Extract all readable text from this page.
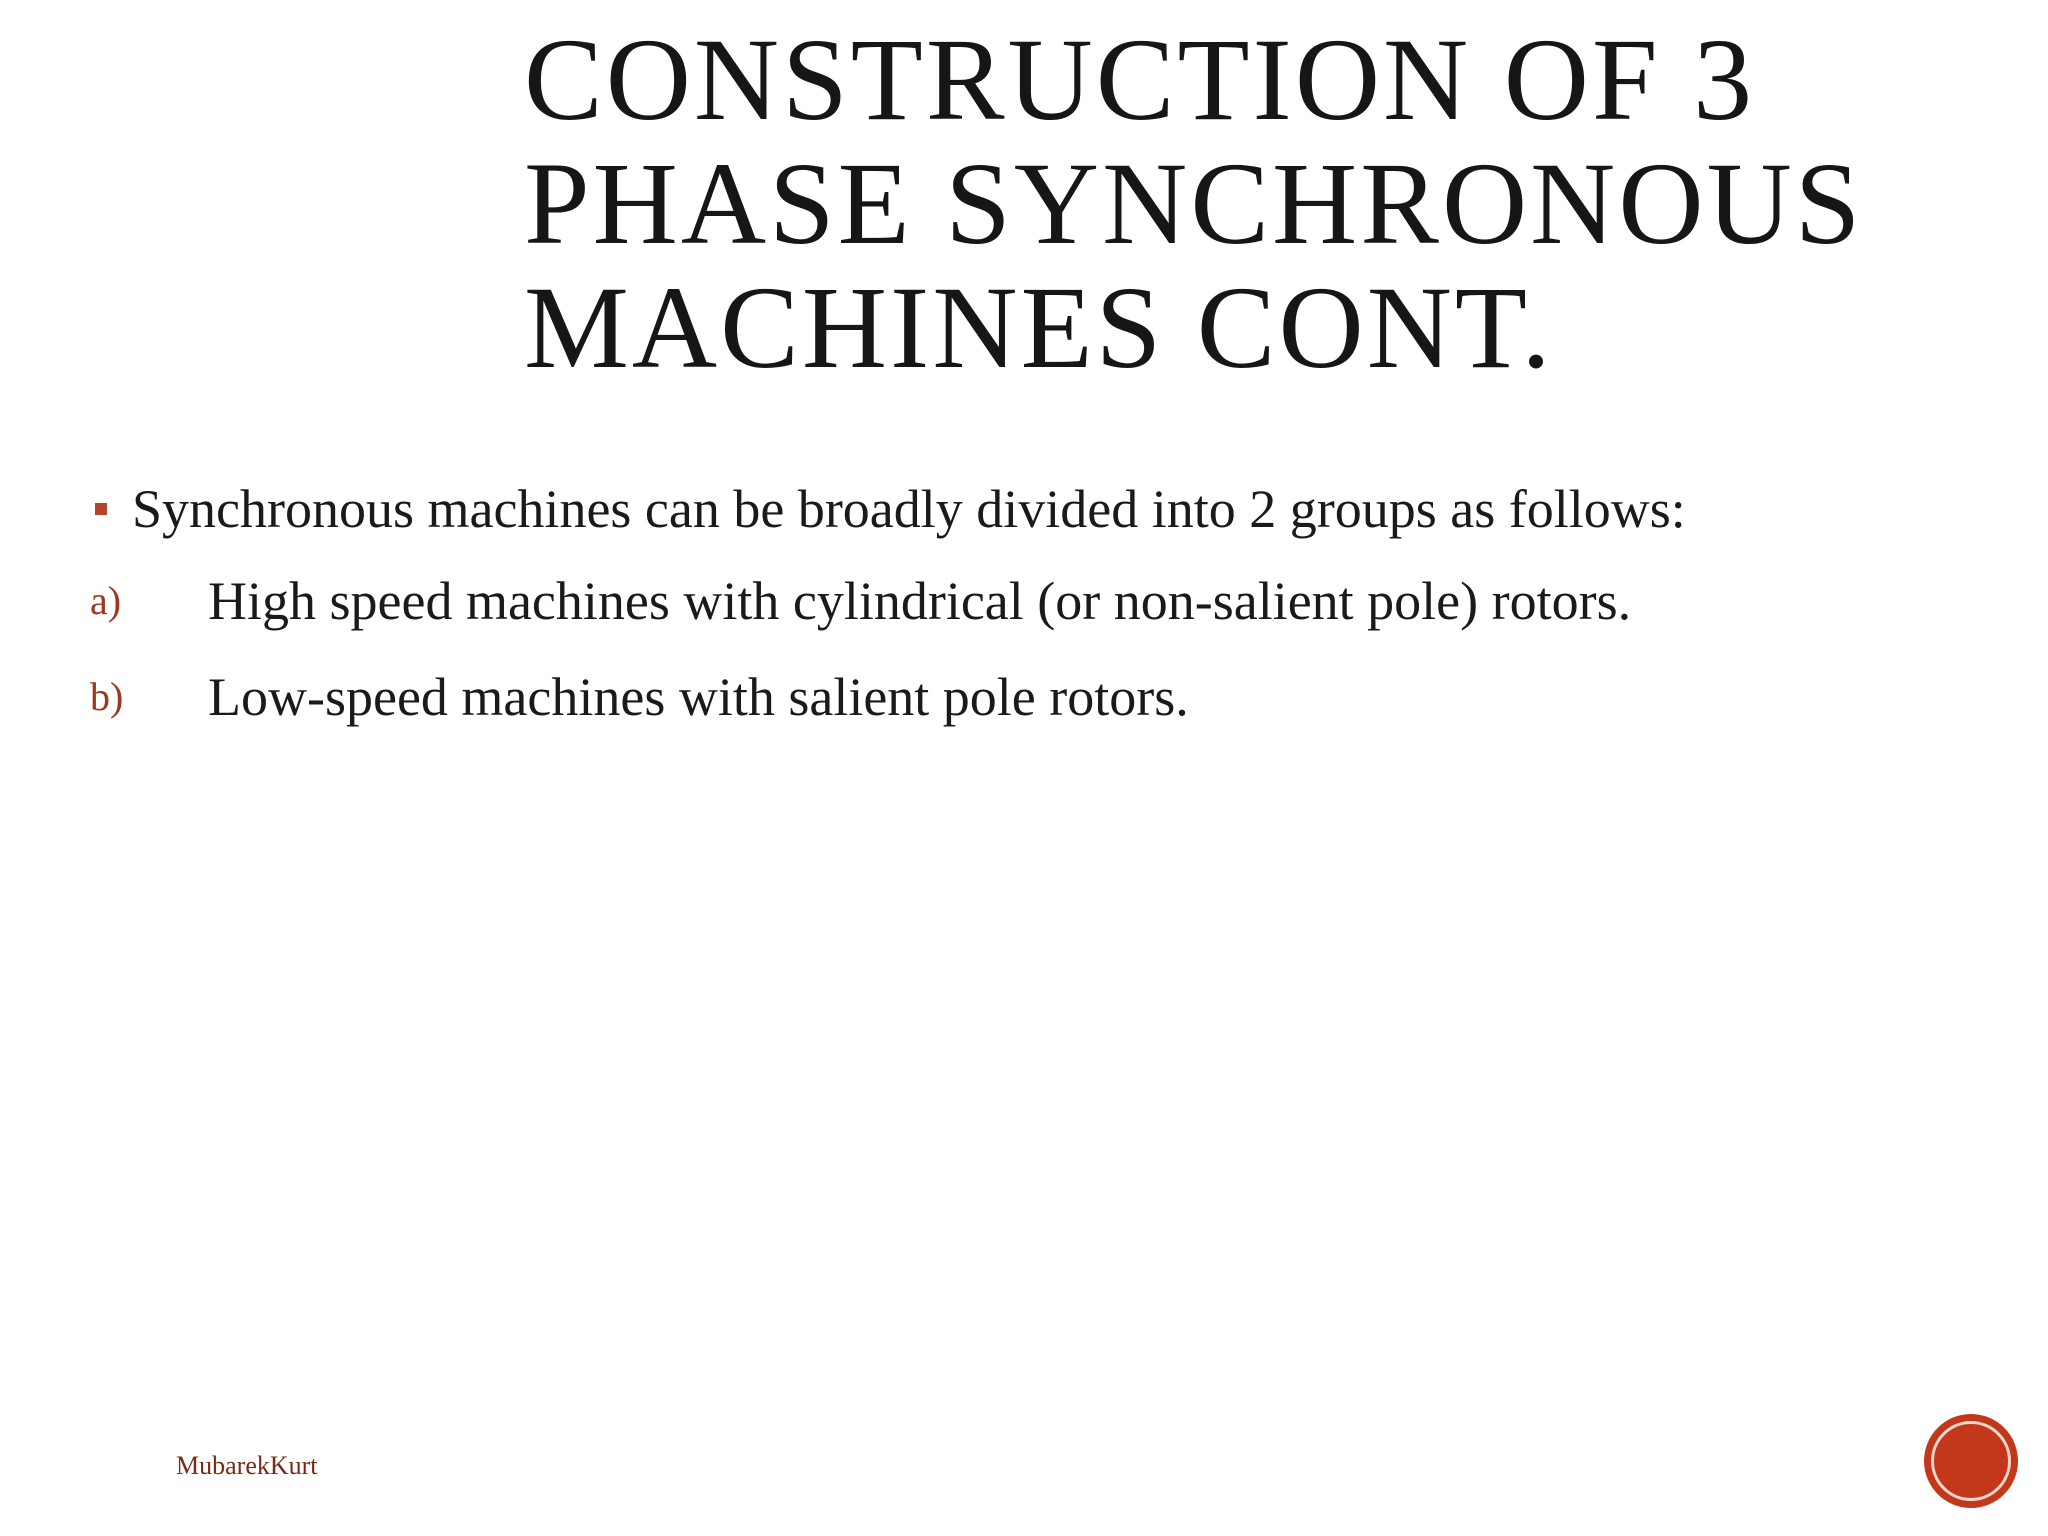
CONSTRUCTION OF 3
PHASE SYNCHRONOUS
MACHINES CONT.
Synchronous machines can be broadly divided into 2 groups as follows:
a) High speed machines with cylindrical (or non-salient pole) rotors.
b) Low-speed machines with salient pole rotors.
MubarekKurt
